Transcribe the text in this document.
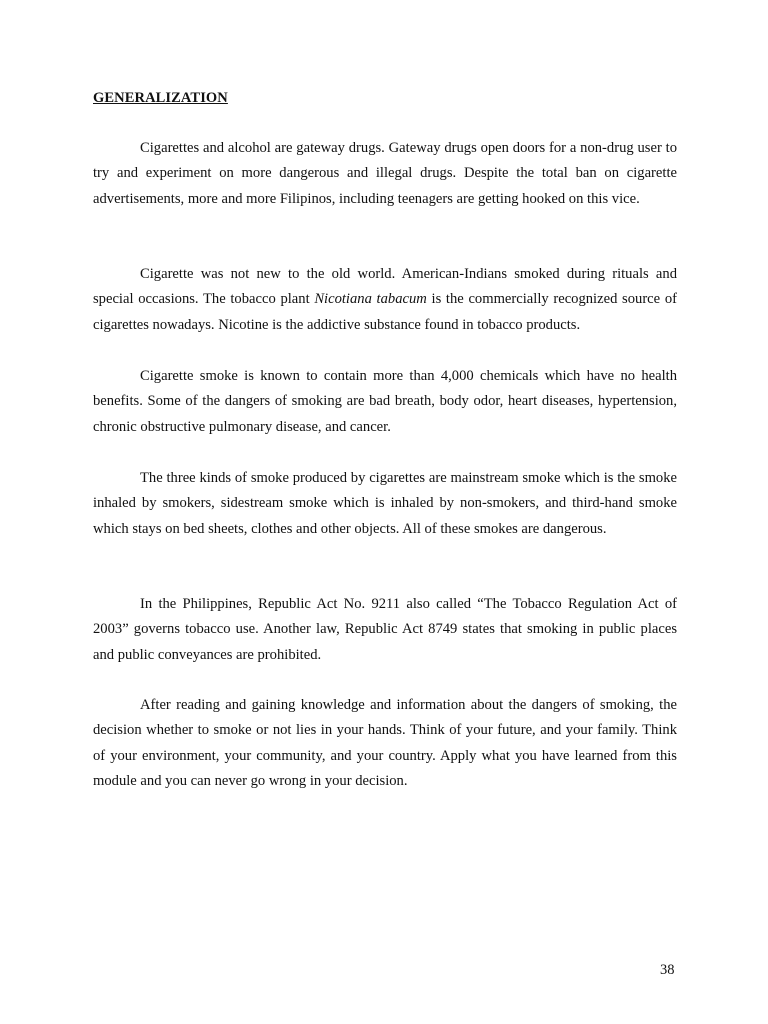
GENERALIZATION

Cigarettes and alcohol are gateway drugs. Gateway drugs open doors for a non-drug user to try and experiment on more dangerous and illegal drugs. Despite the total ban on cigarette advertisements, more and more Filipinos, including teenagers are getting hooked on this vice.

Cigarette was not new to the old world. American-Indians smoked during rituals and special occasions. The tobacco plant Nicotiana tabacum is the commercially recognized source of cigarettes nowadays. Nicotine is the addictive substance found in tobacco products.

Cigarette smoke is known to contain more than 4,000 chemicals which have no health benefits. Some of the dangers of smoking are bad breath, body odor, heart diseases, hypertension, chronic obstructive pulmonary disease, and cancer.

The three kinds of smoke produced by cigarettes are mainstream smoke which is the smoke inhaled by smokers, sidestream smoke which is inhaled by non-smokers, and third-hand smoke which stays on bed sheets, clothes and other objects. All of these smokes are dangerous.

In the Philippines, Republic Act No. 9211 also called “The Tobacco Regulation Act of 2003” governs tobacco use. Another law, Republic Act 8749 states that smoking in public places and public conveyances are prohibited.

After reading and gaining knowledge and information about the dangers of smoking, the decision whether to smoke or not lies in your hands. Think of your future, and your family. Think of your environment, your community, and your country. Apply what you have learned from this module and you can never go wrong in your decision.

38
